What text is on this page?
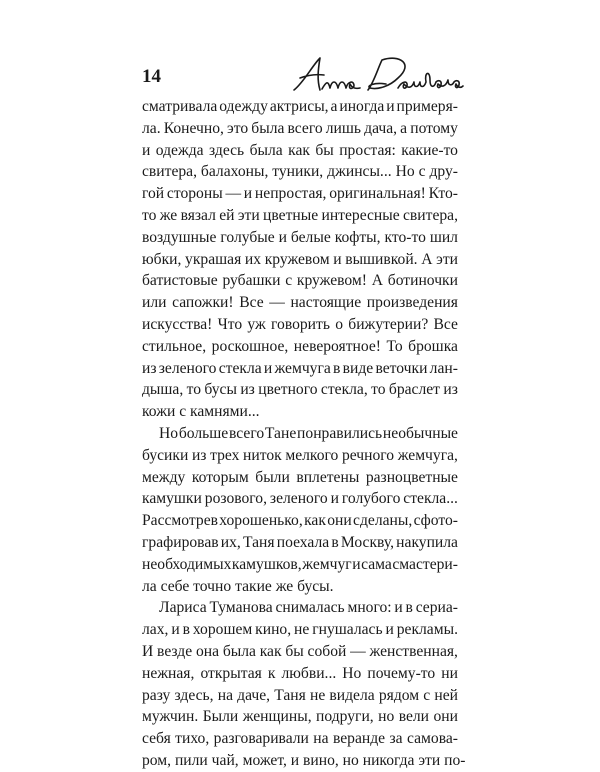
14
сматривала одежду актрисы, а иногда и примеря-
ла. Конечно, это была всего лишь дача, а потому
и одежда здесь была как бы простая: какие-то
свитера, балахоны, туники, джинсы... Но с дру-
гой стороны — и непростая, оригинальная! Кто-
то же вязал ей эти цветные интересные свитера,
воздушные голубые и белые кофты, кто-то шил
юбки, украшая их кружевом и вышивкой. А эти
батистовые рубашки с кружевом! А ботиночки
или сапожки! Все — настоящие произведения
искусства! Что уж говорить о бижутерии? Все
стильное, роскошное, невероятное! То брошка
из зеленого стекла и жемчуга в виде веточки лан-
дыша, то бусы из цветного стекла, то браслет из
кожи с камнями...
Но больше всего Тане понравились необычные
бусики из трех ниток мелкого речного жемчуга,
между которым были вплетены разноцветные
камушки розового, зеленого и голубого стекла...
Рассмотрев хорошенько, как они сделаны, сфото-
графировав их, Таня поехала в Москву, накупила
необходимых камушков, жемчуг и сама смастери-
ла себе точно такие же бусы.
Лариса Туманова снималась много: и в сериа-
лах, и в хорошем кино, не гнушалась и рекламы.
И везде она была как бы собой — женственная,
нежная, открытая к любви... Но почему-то ни
разу здесь, на даче, Таня не видела рядом с ней
мужчин. Были женщины, подруги, но вели они
себя тихо, разговаривали на веранде за самова-
ром, пили чай, может, и вино, но никогда эти по-
